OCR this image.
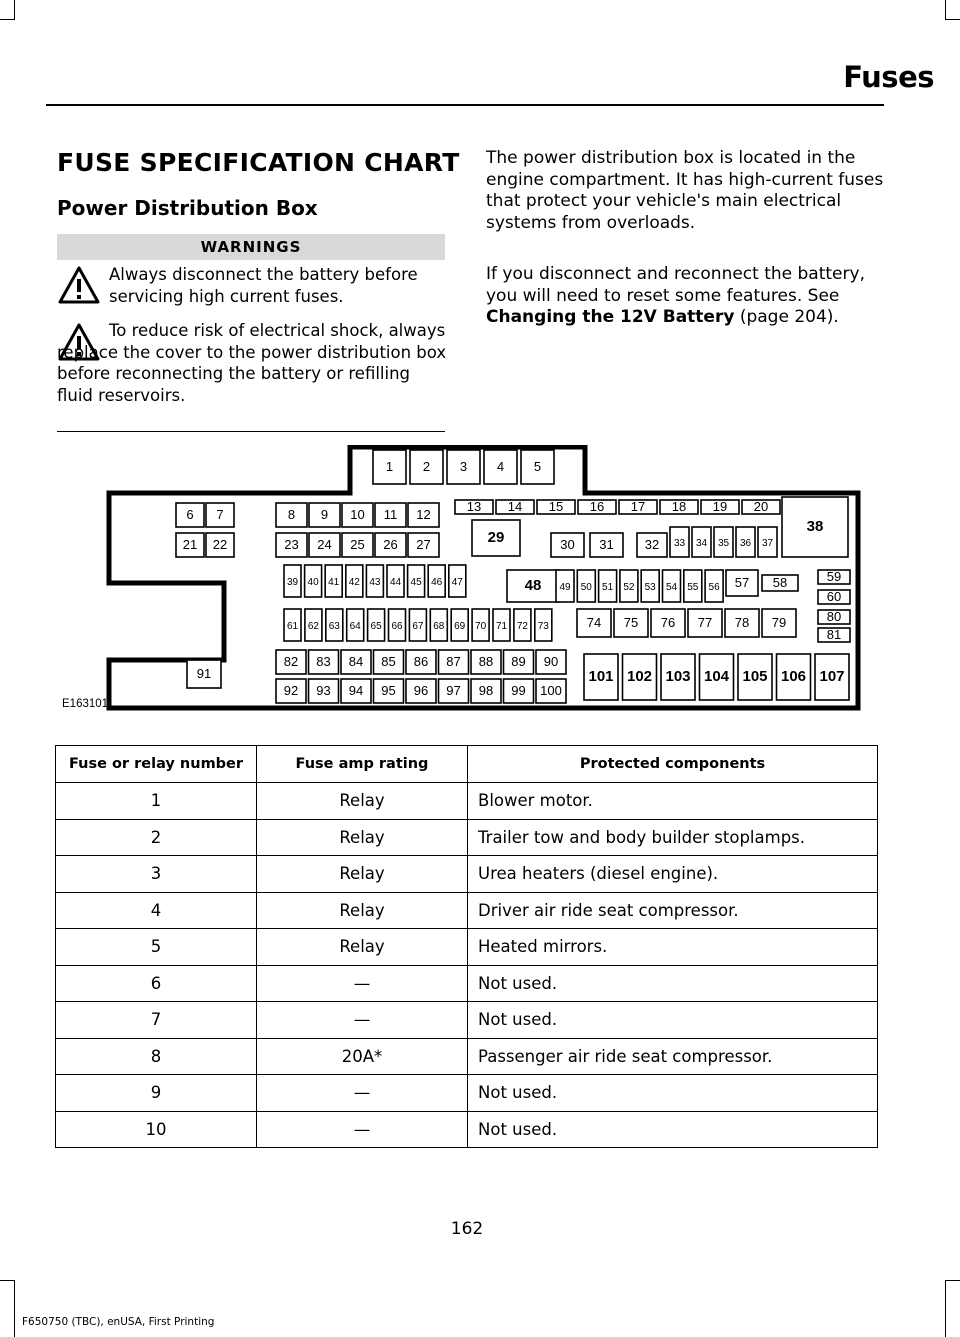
Fuses
FUSE SPECIFICATION CHART
Power Distribution Box
WARNINGS
Always disconnect the battery before servicing high current fuses.
To reduce risk of electrical shock, always replace the cover to the power distribution box before reconnecting the battery or refilling fluid reservoirs.
The power distribution box is located in the engine compartment. It has high-current fuses that protect your vehicle's main electrical systems from overloads.
If you disconnect and reconnect the battery, you will need to reset some features. See Changing the 12V Battery (page 204).
1 2 3 4 5
6 7
21 22
8 9 10 11 12
23 24 25 26 27
13 14 15 16 17 18 19 20
29	30 31 32 33 34 35 36 37
38
39 40 41 42 43 44 45 46 47	48 49 50 51 52 53 54 55 56 57 58	59
60
61 62 63 64 65 66 67 68 69 70 71 72 73	74 75 76 77 78 79	80
81
82 83 84 85 86 87 88 89 90
92 93 94 95 96 97 98 99 100
91	101 102 103 104 105 106 107
E163101
Fuse or relay number	Fuse amp rating	Protected components
1	Relay	Blower motor.
2	Relay	Trailer tow and body builder stoplamps.
3	Relay	Urea heaters (diesel engine).
4	Relay	Driver air ride seat compressor.
5	Relay	Heated mirrors.
6	—	Not used.
7	—	Not used.
8	20A*	Passenger air ride seat compressor.
9	—	Not used.
10	—	Not used.
162
F650750 (TBC), enUSA, First Printing
